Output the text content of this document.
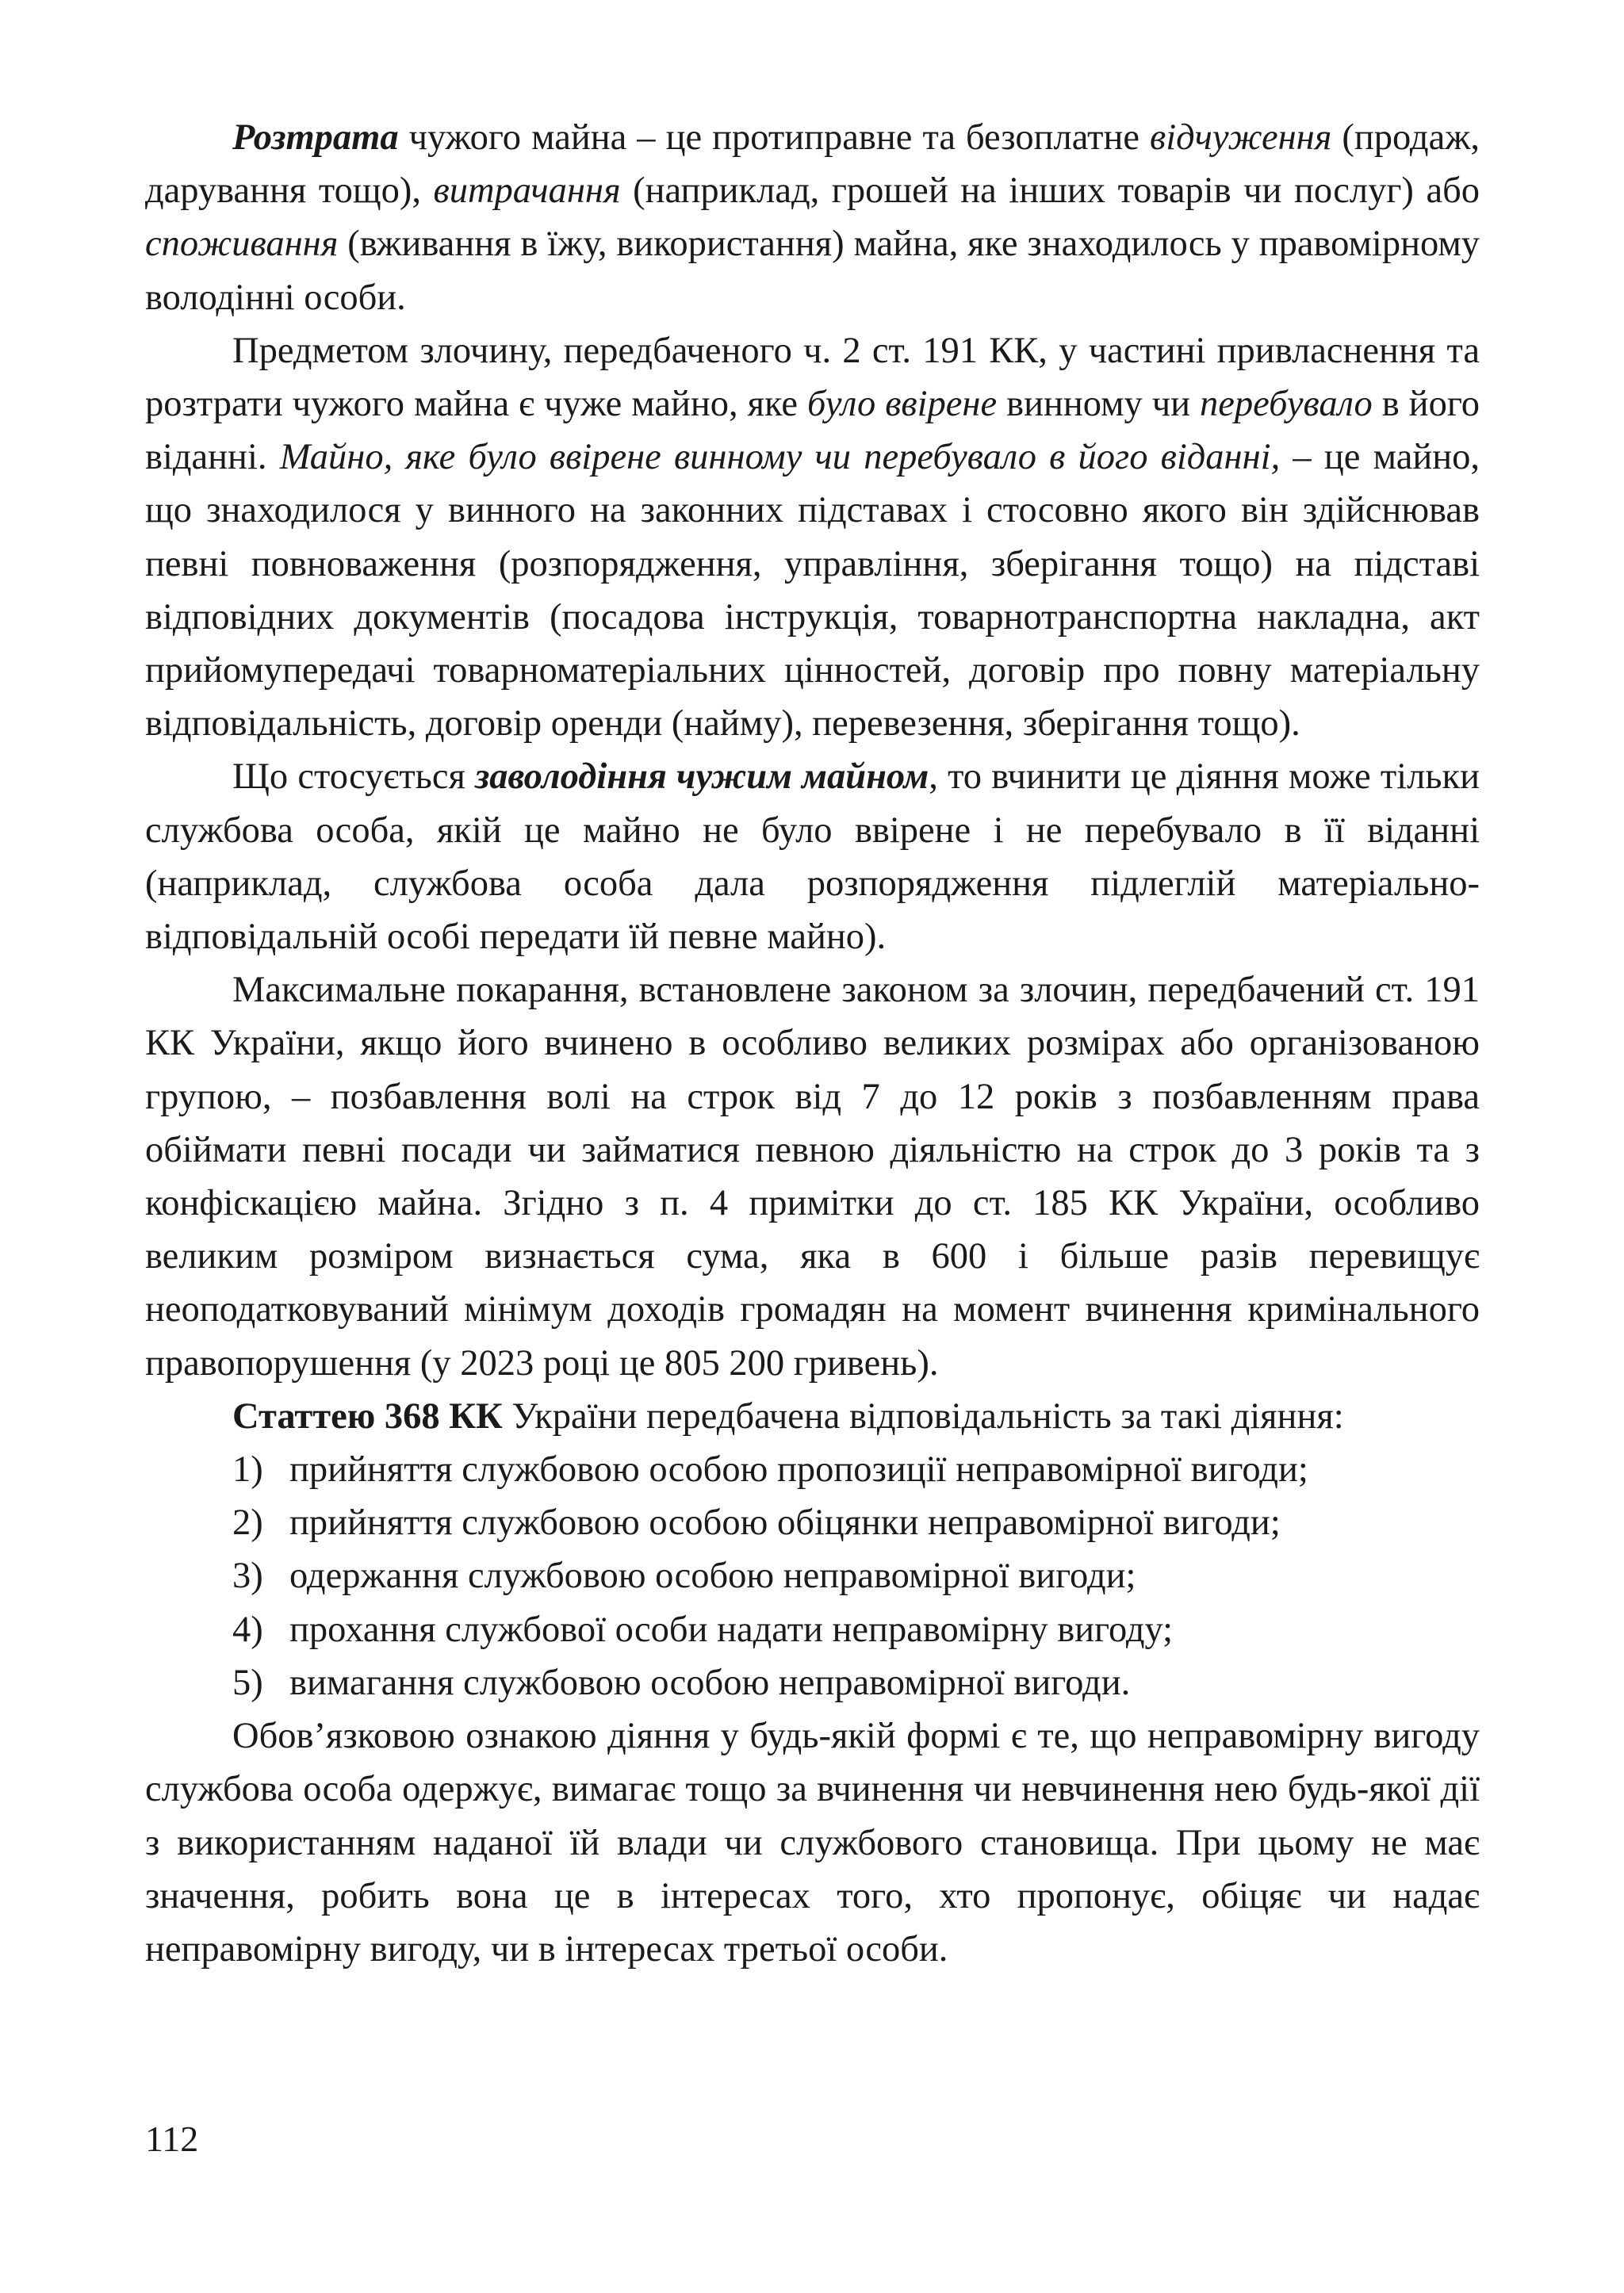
Розтрата чужого майна – це протиправне та безоплатне відчуження (продаж, дарування тощо), витрачання (наприклад, грошей на інших товарів чи послуг) або споживання (вживання в їжу, використання) майна, яке знаходилось у правомірному володінні особи.

Предметом злочину, передбаченого ч. 2 ст. 191 КК, у частині привласнення та розтрати чужого майна є чуже майно, яке було ввірене винному чи перебувало в його віданні. Майно, яке було ввірене винному чи перебувало в його віданні, – це майно, що знаходилося у винного на законних підставах і стосовно якого він здійснював певні повноваження (розпорядження, управління, зберігання тощо) на підставі відповідних документів (посадова інструкція, товарнотранспортна накладна, акт прийомупередачі товарноматеріальних цінностей, договір про повну матеріальну відповідальність, договір оренди (найму), перевезення, зберігання тощо).

Що стосується заволодіння чужим майном, то вчинити це діяння може тільки службова особа, якій це майно не було ввірене і не перебувало в її віданні (наприклад, службова особа дала розпорядження підлеглій матеріально-відповідальній особі передати їй певне майно).

Максимальне покарання, встановлене законом за злочин, передбачений ст. 191 КК України, якщо його вчинено в особливо великих розмірах або організованою групою, – позбавлення волі на строк від 7 до 12 років з позбавленням права обіймати певні посади чи займатися певною діяльністю на строк до 3 років та з конфіскацією майна. Згідно з п. 4 примітки до ст. 185 КК України, особливо великим розміром визнається сума, яка в 600 і більше разів перевищує неоподатковуваний мінімум доходів громадян на момент вчинення кримінального правопорушення (у 2023 році це 805 200 гривень).

Статтею 368 КК України передбачена відповідальність за такі діяння:

1) прийняття службовою особою пропозиції неправомірної вигоди;
2) прийняття службовою особою обіцянки неправомірної вигоди;
3) одержання службовою особою неправомірної вигоди;
4) прохання службової особи надати неправомірну вигоду;
5) вимагання службовою особою неправомірної вигоди.

Обов’язковою ознакою діяння у будь-якій формі є те, що неправомірну вигоду службова особа одержує, вимагає тощо за вчинення чи невчинення нею будь-якої дії з використанням наданої їй влади чи службового становища. При цьому не має значення, робить вона це в інтересах того, хто пропонує, обіцяє чи надає неправомірну вигоду, чи в інтересах третьої особи.

112
